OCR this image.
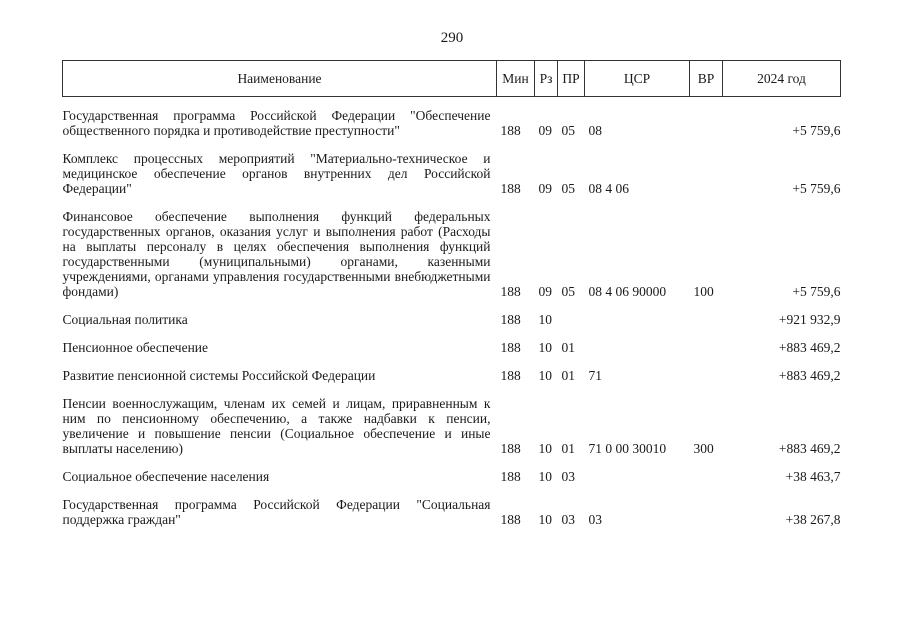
290
Наименование	Мин	Рз	ПР	ЦСР	ВР	2024 год
Государственная программа Российской Федерации "Обеспечение общественного порядка и противодействие преступности"	188	09	05	08		+5 759,6
Комплекс процессных мероприятий "Материально-техническое и медицинское обеспечение органов внутренних дел Российской Федерации"	188	09	05	08 4 06		+5 759,6
Финансовое обеспечение выполнения функций федеральных государственных органов, оказания услуг и выполнения работ (Расходы на выплаты персоналу в целях обеспечения выполнения функций государственными (муниципальными) органами, казенными учреждениями, органами управления государственными внебюджетными фондами)	188	09	05	08 4 06 90000	100	+5 759,6
Социальная политика	188	10				+921 932,9
Пенсионное обеспечение	188	10	01			+883 469,2
Развитие пенсионной системы Российской Федерации	188	10	01	71		+883 469,2
Пенсии военнослужащим, членам их семей и лицам, приравненным к ним по пенсионному обеспечению, а также надбавки к пенсии, увеличение и повышение пенсии (Социальное обеспечение и иные выплаты населению)	188	10	01	71 0 00 30010	300	+883 469,2
Социальное обеспечение населения	188	10	03			+38 463,7
Государственная программа Российской Федерации "Социальная поддержка граждан"	188	10	03	03		+38 267,8
